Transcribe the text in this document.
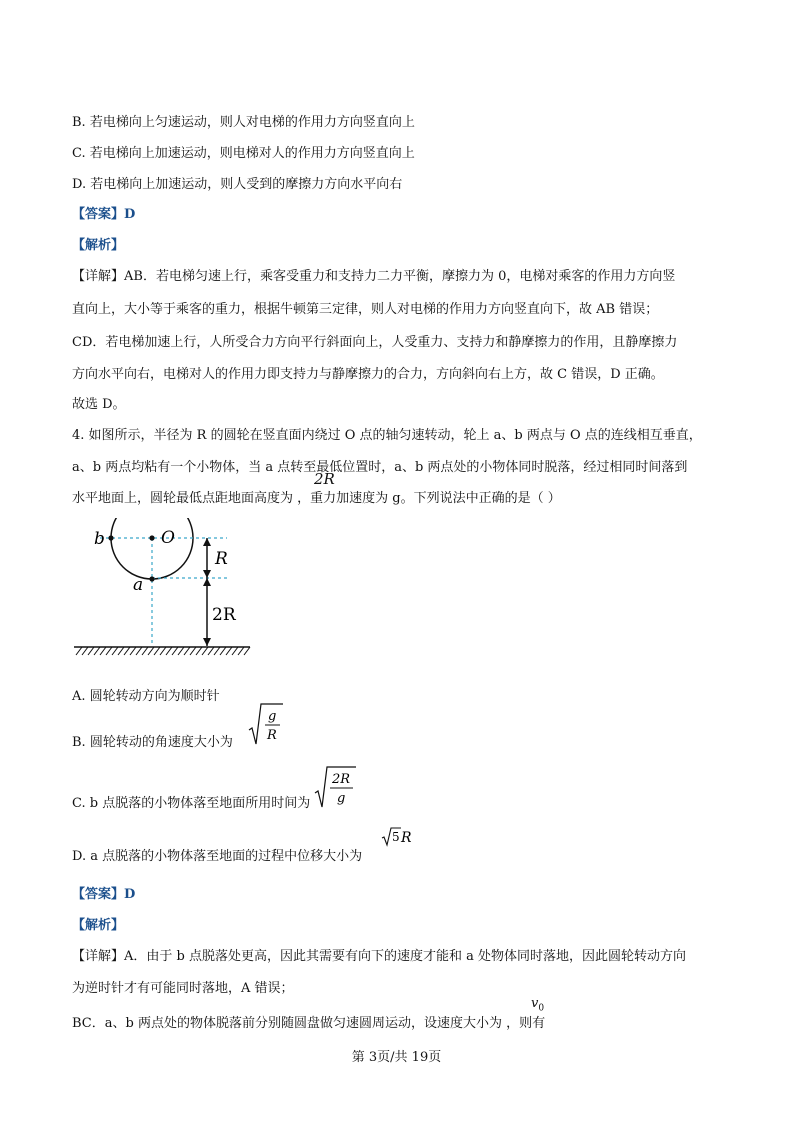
B. 若电梯向上匀速运动，则人对电梯的作用力方向竖直向上
C. 若电梯向上加速运动，则电梯对人的作用力方向竖直向上
D. 若电梯向上加速运动，则人受到的摩擦力方向水平向右
【答案】D
【解析】
【详解】AB．若电梯匀速上行，乘客受重力和支持力二力平衡，摩擦力为 0，电梯对乘客的作用力方向竖
直向上，大小等于乘客的重力，根据牛顿第三定律，则人对电梯的作用力方向竖直向下，故 AB 错误；
CD．若电梯加速上行，人所受合力方向平行斜面向上，人受重力、支持力和静摩擦力的作用，且静摩擦力
方向水平向右，电梯对人的作用力即支持力与静摩擦力的合力，方向斜向右上方，故 C 错误，D 正确。
故选 D。
4. 如图所示，半径为 R 的圆轮在竖直面内绕过 O 点的轴匀速转动，轮上 a、b 两点与 O 点的连线相互垂直，
a、b 两点均粘有一个小物体，当 a 点转至最低位置时，a、b 两点处的小物体同时脱落，经过相同时间落到
水平地面上，圆轮最低点距地面高度为 ，重力加速度为 g。下列说法中正确的是（ ）
2R
b	O
a
R
2R
A. 圆轮转动方向为顺时针
B. 圆轮转动的角速度大小为
g
R
C. b 点脱落的小物体落至地面所用时间为
2R
g
D. a 点脱落的小物体落至地面的过程中位移大小为
5 R
【答案】D
【解析】
【详解】A．由于 b 点脱落处更高，因此其需要有向下的速度才能和 a 处物体同时落地，因此圆轮转动方向
为逆时针才有可能同时落地，A 错误；
BC．a、b 两点处的物体脱落前分别随圆盘做匀速圆周运动，设速度大小为 ，则有
$v_0$
第 3页/共 19页
